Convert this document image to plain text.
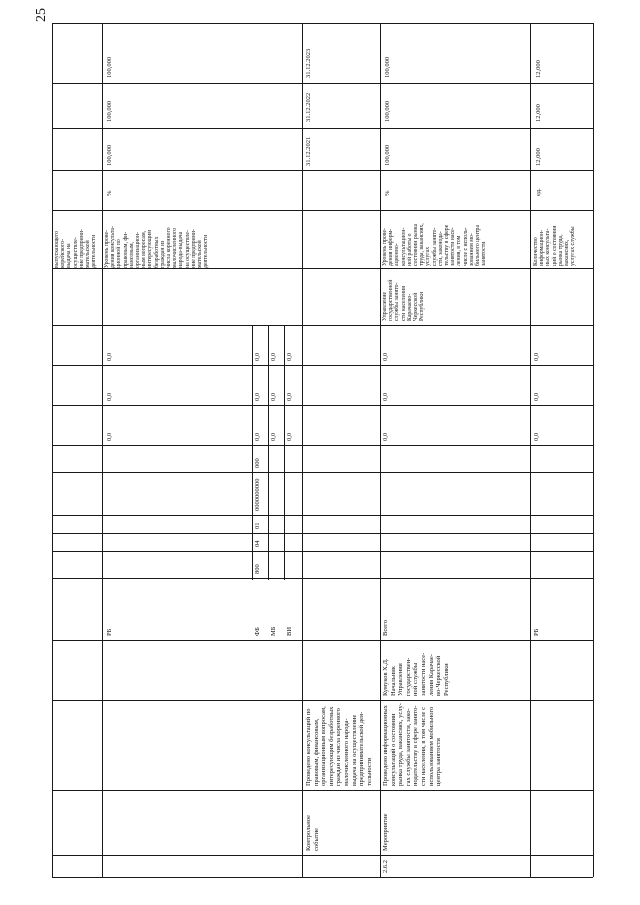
25
выпускающего
корейского-
выдача на
осуществле-
ние предприни-
мательской
деятельности	Уровень прове-
дения консульта-
ционной по
правовым, фи-
нансовым,
организацион-
ным вопросам,
интересующим
безработных
граждан из
числа коренного
малочисленного
народа-выдача
на осуществле-
ние предприни-
мательской
деятельности
%
100,000
100,000
100,000
0,0
0,0
0,0
РБ	ФБ
800
04
01
0000000000
000
0,0
0,0
0,0
МБ
0,0
0,0
0,0
ВИ
0,0
0,0
0,0
Контрольное
событие
Проведено консультаций по
правовым, финансовым,
организационным вопросам,
интересующим безработных
граждан из числа коренного
малочисленного народа-
выдача на осуществление
предпринимательской дея-
тельности
31.12.2021
31.12.2022
31.12.2023
2.6.2
Мероприятие
Проведено информационных
консультаций о состоянии
рынка труда, вакансиях, услу-
гах службы занятости, зако-
нодательству в сфере занято-
сти населения, в том числе с
использованием мобильного
центра занятости
Кумуков Х.Д.
Начальник
Управления
государствен-
ной службы
занятости насе-
ления Карачае-
во-Черкесской
Республики
Всего
0,0
0,0
0,0
Управление
государственной
службы занято-
сти населения
Карачаево-
Черкесской
Республики
Уровень прове-
дения информ-
ационно-
консультацион-
ной работы о
состоянии рынка
труда, вакансиях,
услугах
службы занято-
сти, законода-
тельству в сфере
занятости насе-
ления, в том
числе с исполь-
зованием мо-
бильного центра
занятости
%
100,000
100,000
100,000
РБ
0,0
0,0
0,0
Количество
информацион-
ных консульта-
ций о состоянии
рынка труда,
вакансиях,
услугах службы
ед.
12,000
12,000
12,000
